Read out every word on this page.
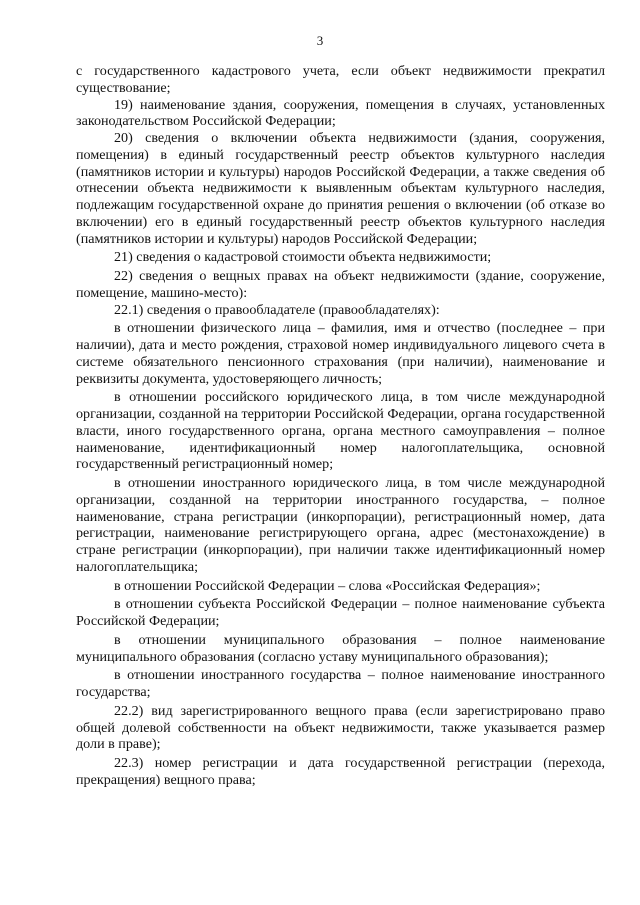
3

с государственного кадастрового учета, если объект недвижимости прекратил существование;

19) наименование здания, сооружения, помещения в случаях, установленных законодательством Российской Федерации;

20) сведения о включении объекта недвижимости (здания, сооружения, помещения) в единый государственный реестр объектов культурного наследия (памятников истории и культуры) народов Российской Федерации, а также сведения об отнесении объекта недвижимости к выявленным объектам культурного наследия, подлежащим государственной охране до принятия решения о включении (об отказе во включении) его в единый государственный реестр объектов культурного наследия (памятников истории и культуры) народов Российской Федерации;

21) сведения о кадастровой стоимости объекта недвижимости;

22) сведения о вещных правах на объект недвижимости (здание, сооружение, помещение, машино-место):

22.1) сведения о правообладателе (правообладателях):

в отношении физического лица – фамилия, имя и отчество (последнее – при наличии), дата и место рождения, страховой номер индивидуального лицевого счета в системе обязательного пенсионного страхования (при наличии), наименование и реквизиты документа, удостоверяющего личность;

в отношении российского юридического лица, в том числе международной организации, созданной на территории Российской Федерации, органа государственной власти, иного государственного органа, органа местного самоуправления – полное наименование, идентификационный номер налогоплательщика, основной государственный регистрационный номер;

в отношении иностранного юридического лица, в том числе международной организации, созданной на территории иностранного государства, – полное наименование, страна регистрации (инкорпорации), регистрационный номер, дата регистрации, наименование регистрирующего органа, адрес (местонахождение) в стране регистрации (инкорпорации), при наличии также идентификационный номер налогоплательщика;

в отношении Российской Федерации – слова «Российская Федерация»;

в отношении субъекта Российской Федерации – полное наименование субъекта Российской Федерации;

в отношении муниципального образования – полное наименование муниципального образования (согласно уставу муниципального образования);

в отношении иностранного государства – полное наименование иностранного государства;

22.2) вид зарегистрированного вещного права (если зарегистрировано право общей долевой собственности на объект недвижимости, также указывается размер доли в праве);

22.3) номер регистрации и дата государственной регистрации (перехода, прекращения) вещного права;
